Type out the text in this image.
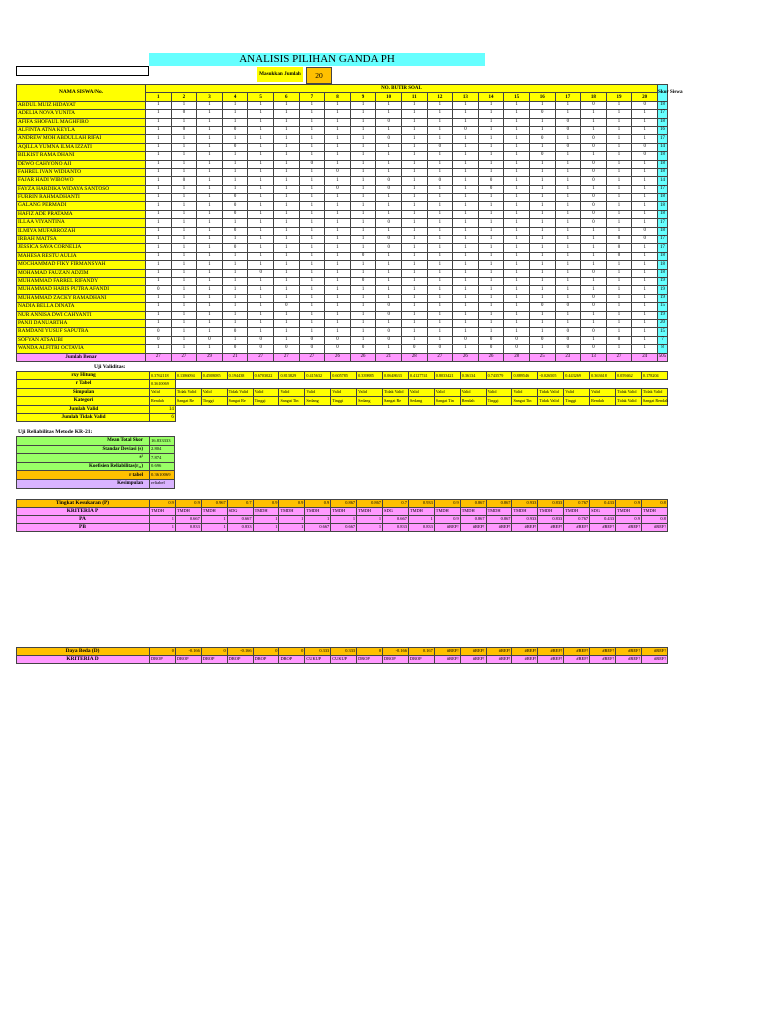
ANALISIS PILIHAN GANDA PH
Masukkan Jumlah	20
NAMA SISWA/No.	NO. BUTIR SOAL																				Skor Siswa
	1	2	3	4	5	6	7	8	9	10	11	12	13	14	15	16	17	18	19	20	
ABDUL MUIZ HIDAYAT	1	1	1	1	1	1	1	1	1	1	1	1	1	1	1	1	1	0	1	0	18
ADELIA NOVA YUNITA	1	0	1	1	1	1	1	1	1	1	1	1	1	1	1	0	1	1	1	1	17
AFIFA SHOFAUL MAGHFIRO	1	1	1	1	1	1	1	1	1	0	1	1	1	1	1	1	0	1	1	1	18
ALFINTA ATNA KEYLA	1	0	1	0	1	1	1	1	1	1	1	1	0	1	1	1	0	1	1	1	16
ANDREW MOH ABDULLAH RIFAI	1	1	1	1	1	1	1	1	1	0	1	1	1	1	1	0	1	0	1	1	17
AQILLA YUMNA ILMA IZZATI	1	1	1	0	1	1	1	1	1	1	1	0	1	1	1	1	0	0	1	0	14
BILKIST RAMA DHANI	1	1	1	1	1	1	1	1	1	1	1	1	1	1	1	0	1	1	1	0	18
DEWO CAHYONO AJI	1	1	1	1	1	1	0	1	1	1	1	1	1	1	1	1	1	0	1	1	18
FAHREL IVAN WIDIANTO	1	1	1	1	1	1	1	0	1	1	1	1	1	1	1	1	1	0	1	1	18
FAJAR HADI WIBOWO	1	0	1	1	1	1	1	1	1	0	1	0	1	0	1	1	1	0	1	1	14
FAYZA HARDIKA WIDAYA SANTOSO	1	1	1	1	1	1	1	0	1	0	1	1	1	0	1	1	1	1	1	1	17
FURRIN RAHMADHANTI	1	1	1	0	1	1	1	1	1	1	1	1	1	1	1	1	1	0	1	1	18
GALANG PERMADI	1	1	1	0	1	1	1	1	1	1	1	1	1	1	1	1	1	0	1	1	18
HAFIZ ADE PRATAMA	1	1	1	0	1	1	1	1	1	1	1	1	1	1	1	1	1	0	1	1	18
ILLAA VIYANTINA	1	1	1	1	1	1	1	1	1	0	1	1	1	1	1	1	1	0	1	1	17
ILMIYA MUFARROZAH	1	1	1	0	1	1	1	1	1	1	1	1	1	1	1	1	1	1	1	0	18
IRBAH MAITSA	1	1	1	1	1	1	1	1	1	0	1	1	1	1	1	1	1	1	0	0	17
JESSICA SAVA CORNELIA	1	1	1	0	1	1	1	1	1	0	1	1	1	1	1	1	1	1	0	1	17
MAHESA RESTU AULIA	1	1	1	1	1	1	1	1	0	1	1	1	1	1	1	1	1	1	0	1	18
MOCHAMMAD FIKY FIRMANSYAH	1	1	1	1	1	1	1	1	1	1	1	1	1	1	1	1	1	1	1	1	18
MOHAMAD FAUZAN ADZIM	1	1	1	1	0	1	1	1	1	1	1	1	1	1	1	1	1	0	1	1	18
MUHAMMAD FARREL RIFANDY	1	1	1	1	1	1	1	1	0	1	1	1	1	1	1	1	1	1	1	1	19
MUHAMMAD HARIS PUTRA AFANDI	0	1	1	1	1	1	1	1	1	1	1	1	1	1	1	1	1	1	1	1	19
MUHAMMAD ZACKY RAMADHANI	1	1	1	1	1	1	1	1	1	1	1	1	1	1	1	1	1	0	1	1	19
NADIA BELLA DINATA	1	1	1	1	1	0	1	1	1	0	1	1	1	1	1	0	0	0	1	1	15
NUR ANNISA DWI CAHYANTI	1	1	1	1	1	1	1	1	1	0	1	1	1	1	1	1	1	1	1	1	19
PANJI DANUARTHA	1	1	1	1	1	1	1	1	1	1	1	1	1	1	1	1	1	1	1	1	20
RAMDANI YUSUF SAPUTRA	0	1	1	0	1	1	1	1	1	0	1	1	1	1	1	1	0	0	1	1	15
SOFYAN ATSAUBI	0	1	0	1	0	1	0	0	1	0	1	1	0	0	0	0	0	1	0	1	7
WANDA ALFITRI OCTAVIA	1	1	1	0	0	0	0	0	0	1	0	0	1	0	0	1	0	0	1	1	8
Jumlah Benar	27	27	29	21	27	27	27	26	26	21	28	27	26	26	28	25	23	13	27	24	505
Uji Validitas:
rxy Hitung	0.3762118	0.1386094	0.4508085	0.194438	0.6703022	0.813829	0.415632	0.605785	0.339885	0.0648633	0.4127741	0.8033421	0.36134	0.743579	0.889546	-0.026505	0.443269	0.363618	0.059462	0.178204
r Tabel	0.3610069																			
Simpulan	Valid	Tidak Valid	Valid	Tidak Valid	Valid	Valid	Valid	Valid	Valid	Tidak Valid	Valid	Valid	Valid	Valid	Valid	Tidak Valid	Valid	Valid	Tidak Valid	Tidak Valid
Kategori	Rendah	Sangat Re	Tinggi	Sangat Re	Tinggi	Sangat Tin	Sedang	Tinggi	Sedang	Sangat Re	Sedang	Sangat Tin	Rendah	Tinggi	Sangat Tin	Tidak Valid	Tinggi	Rendah	Tidak Valid	Sangat Rendah
Jumlah Valid	14																			
Jumlah Tidak Valid	6																			
Uji Reliabilitas Metode KR-21:
Mean Total Skor	16.833333
Standar Deviasi (s)	2.804
s²	7.874
Koefisien Reliabilitas(r₁₁)	0.696
r tabel	0.3610069
Kesimpulan	reliabel
Tingkat Kesukaran (P)	0.9	0.9	0.967	0.7	0.9	0.9	0.9	0.867	0.867	0.7	0.933	0.9	0.867	0.867	0.933	0.833	0.767	0.433	0.9	0.8
KRITERIA P	TMDH	TMDH	TMDH	SDG	TMDH	TMDH	TMDH	TMDH	TMDH	SDG	TMDH	TMDH	TMDH	TMDH	TMDH	TMDH	TMDH	SDG	TMDH	TMDH
PA	1	0.667	1	0.667	1	1	1	1	1	0.667	1	0.9	0.867	0.867	0.933	0.833	0.767	0.433	0.9	0.8
PB	1	0.833	1	0.833	1	1	0.667	0.667	1	0.833	0.833	#REF!	#REF!	#REF!	#REF!	#REF!	#REF!	#REF!	#REF!	#REF!
Daya Beda (D)	0	-0.166	0	-0.166	0	0	0.333	0.333	0	-0.166	0.167	#REF!	#REF!	#REF!	#REF!	#REF!	#REF!	#REF!	#REF!	#REF!
KRITERIA D	DROP	DROP	DROP	DROP	DROP	DROP	CUKUP	CUKUP	DROP	DROP	DROP	#REF!	#REF!	#REF!	#REF!	#REF!	#REF!	#REF!	#REF!	#REF!
